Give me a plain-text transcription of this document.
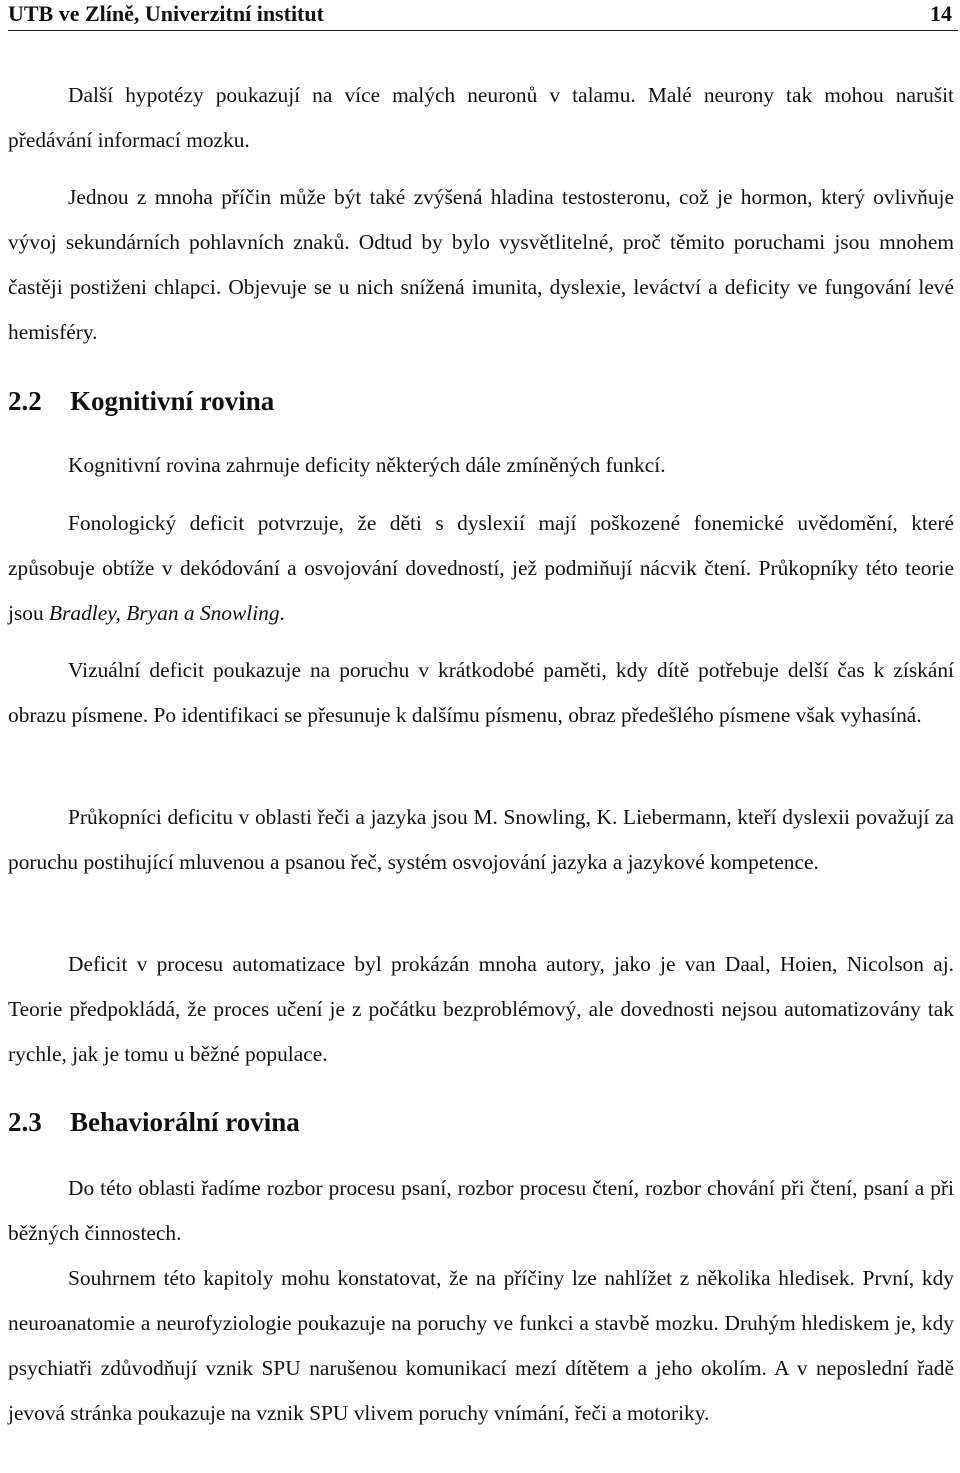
UTB ve Zlíně, Univerzitní institut	14

Další hypotézy poukazují na více malých neuronů v talamu. Malé neurony tak mohou narušit předávání informací mozku.

Jednou z mnoha příčin může být také zvýšená hladina testosteronu, což je hormon, který ovlivňuje vývoj sekundárních pohlavních znaků. Odtud by bylo vysvětlitelné, proč těmito poruchami jsou mnohem častěji postiženi chlapci. Objevuje se u nich snížená imunita, dyslexie, leváctví a deficity ve fungování levé hemisféry.

2.2 Kognitivní rovina

Kognitivní rovina zahrnuje deficity některých dále zmíněných funkcí.

Fonologický deficit potvrzuje, že děti s dyslexií mají poškozené fonemické uvědomění, které způsobuje obtíže v dekódování a osvojování dovedností, jež podmiňují nácvik čtení. Průkopníky této teorie jsou Bradley, Bryan a Snowling.

Vizuální deficit poukazuje na poruchu v krátkodobé paměti, kdy dítě potřebuje delší čas k získání obrazu písmene. Po identifikaci se přesunuje k dalšímu písmenu, obraz předešlého písmene však vyhasíná.

Průkopníci deficitu v oblasti řeči a jazyka jsou M. Snowling, K. Liebermann, kteří dyslexii považují za poruchu postihující mluvenou a psanou řeč, systém osvojování jazyka a jazykové kompetence.

Deficit v procesu automatizace byl prokázán mnoha autory, jako je van Daal, Hoien, Nicolson aj. Teorie předpokládá, že proces učení je z počátku bezproblémový, ale dovednosti nejsou automatizovány tak rychle, jak je tomu u běžné populace.

2.3 Behaviorální rovina

Do této oblasti řadíme rozbor procesu psaní, rozbor procesu čtení, rozbor chování při čtení, psaní a při běžných činnostech.

Souhrnem této kapitoly mohu konstatovat, že na příčiny lze nahlížet z několika hledisek. První, kdy neuroanatomie a neurofyziologie poukazuje na poruchy ve funkci a stavbě mozku. Druhým hlediskem je, kdy psychiatři zdůvodňují vznik SPU narušenou komunikací mezí dítětem a jeho okolím. A v neposlední řadě jevová stránka poukazuje na vznik SPU vlivem poruchy vnímání, řeči a motoriky.
